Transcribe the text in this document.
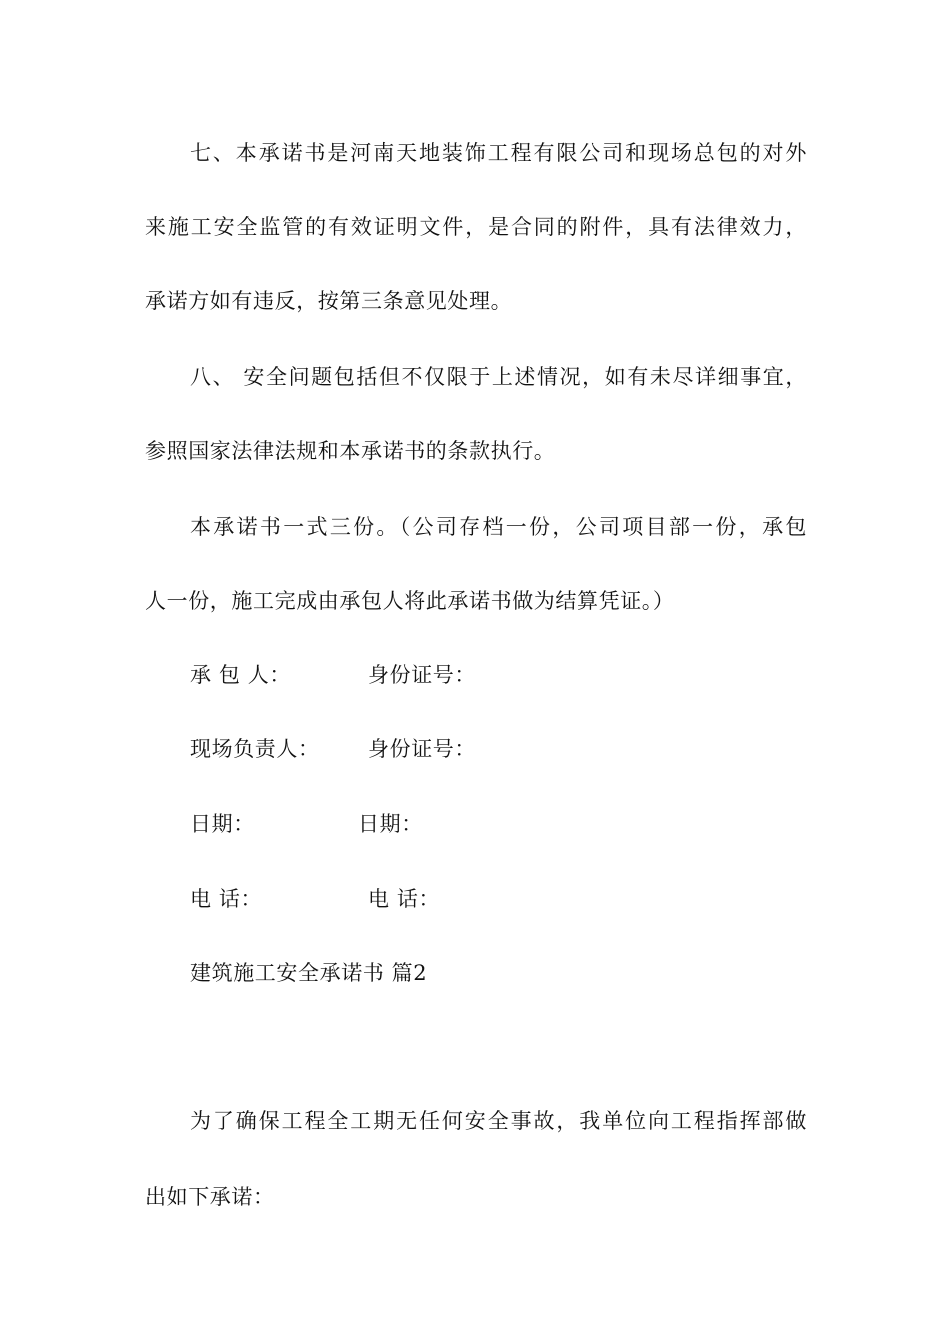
七、本承诺书是河南天地装饰工程有限公司和现场总包的对外
来施工安全监管的有效证明文件，是合同的附件，具有法律效力，
承诺方如有违反，按第三条意见处理。
八、 安全问题包括但不仅限于上述情况，如有未尽详细事宜，
参照国家法律法规和本承诺书的条款执行。
本承诺书一式三份。（公司存档一份，公司项目部一份，承包
人一份，施工完成由承包人将此承诺书做为结算凭证。）
承 包 人：	身份证号：
现场负责人： 身份证号：
日期：	日期：
电 话：	电 话：
建筑施工安全承诺书 篇2
为了确保工程全工期无任何安全事故，我单位向工程指挥部做
出如下承诺：
